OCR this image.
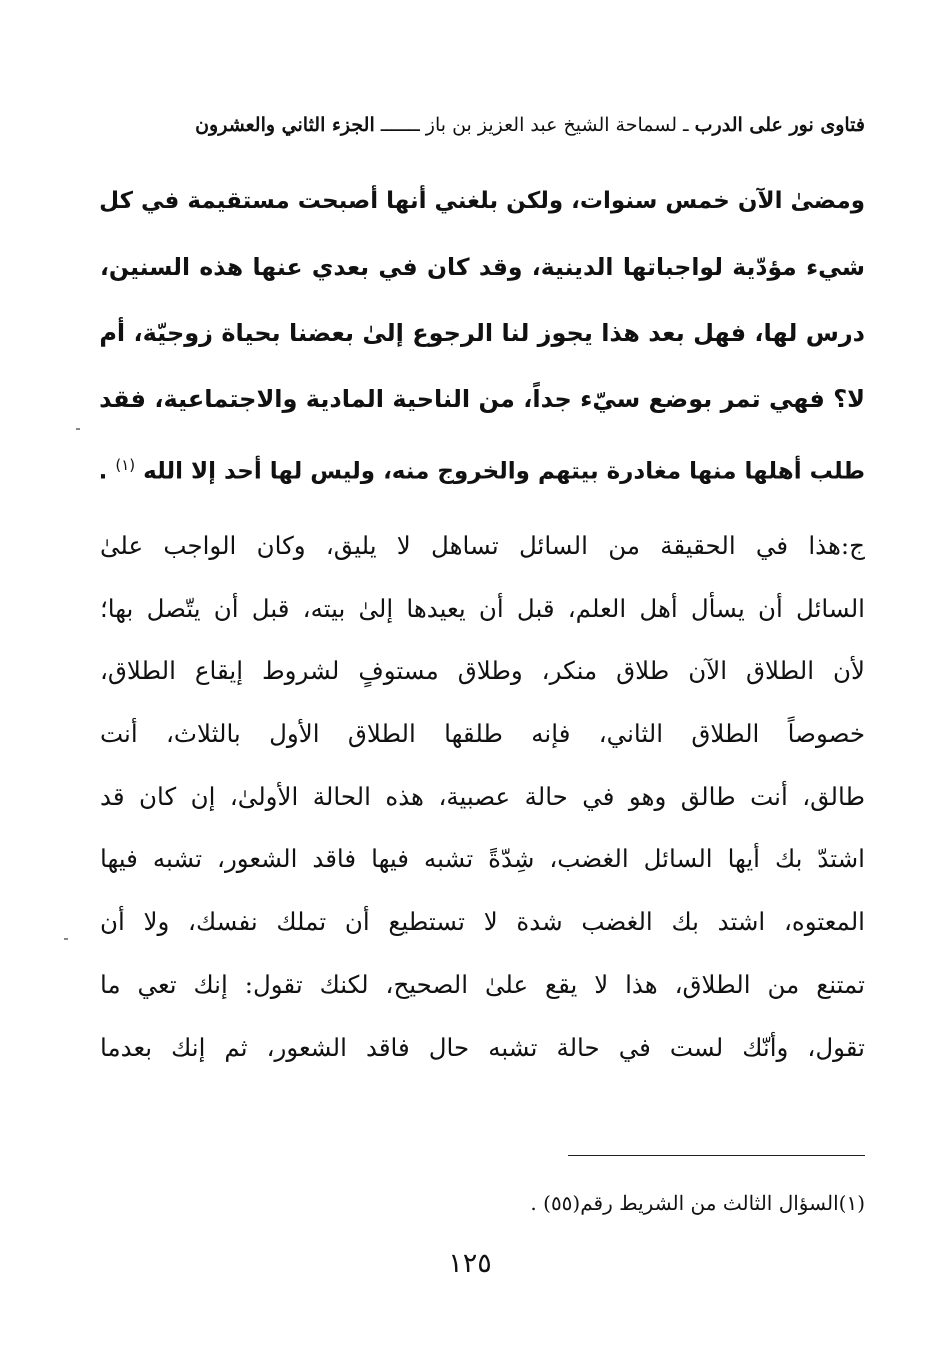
فتاوى نور على الدرب ـ لسماحة الشيخ عبد العزيز بن باز ـــــــ الجزء الثاني والعشرون
ومضىٰ الآن خمس سنوات، ولكن بلغني أنها أصبحت مستقيمة في كل
شيء مؤدّية لواجباتها الدينية، وقد كان في بعدي عنها هذه السنين،
درس لها، فهل بعد هذا يجوز لنا الرجوع إلىٰ بعضنا بحياة زوجيّة، أم
لا؟ فهي تمر بوضع سيّء جداً، من الناحية المادية والاجتماعية، فقد
طلب أهلها منها مغادرة بيتهم والخروج منه، وليس لها أحد إلا الله $^{(١)}$ .
ج:هذا في الحقيقة من السائل تساهل لا يليق، وكان الواجب علىٰ
السائل أن يسأل أهل العلم، قبل أن يعيدها إلىٰ بيته، قبل أن يتّصل بها؛
لأن الطلاق الآن طلاق منكر، وطلاق مستوفٍ لشروط إيقاع الطلاق،
خصوصاً الطلاق الثاني، فإنه طلقها الطلاق الأول بالثلاث، أنت
طالق، أنت طالق وهو في حالة عصبية، هذه الحالة الأولىٰ، إن كان قد
اشتدّ بك أيها السائل الغضب، شِدّةً تشبه فيها فاقد الشعور، تشبه فيها
المعتوه، اشتد بك الغضب شدة لا تستطيع أن تملك نفسك، ولا أن
تمتنع من الطلاق، هذا لا يقع علىٰ الصحيح، لكنك تقول: إنك تعي ما
تقول، وأنّك لست في حالة تشبه حال فاقد الشعور، ثم إنك بعدما
(١)السؤال الثالث من الشريط رقم(٥٥) .
١٢٥
